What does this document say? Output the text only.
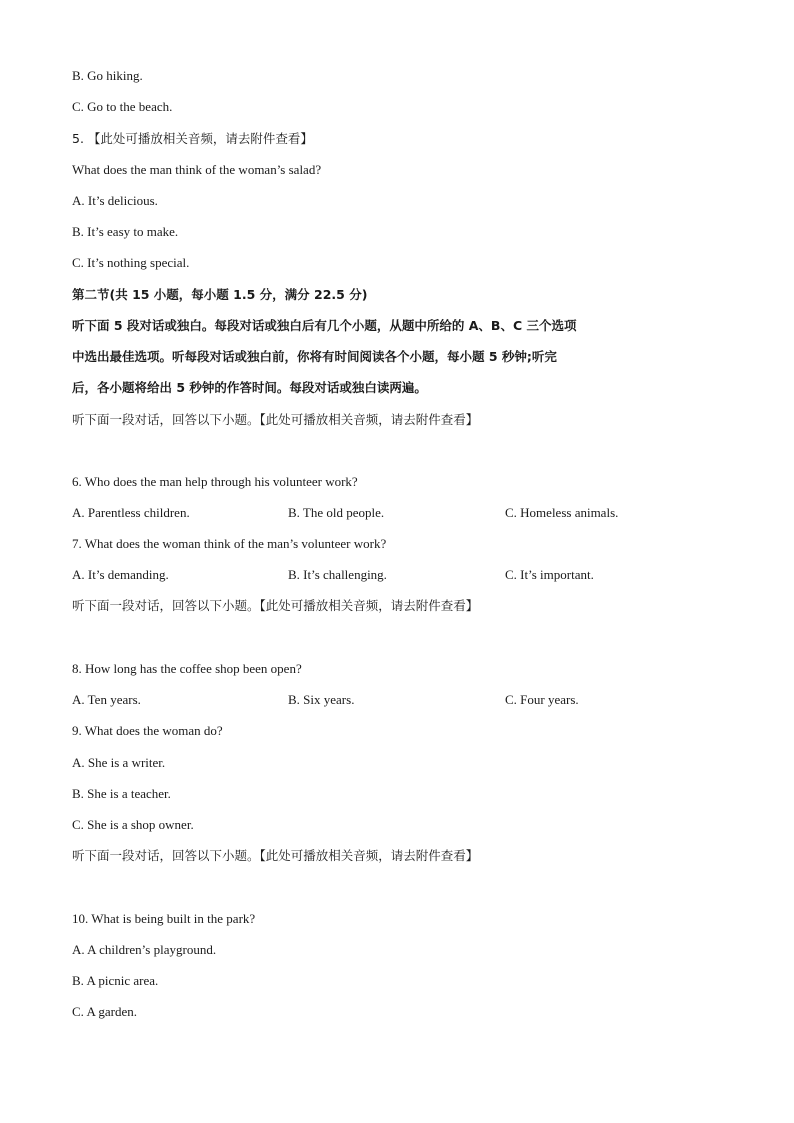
B. Go hiking.
C. Go to the beach.
5. 【此处可播放相关音频，请去附件查看】
What does the man think of the woman’s salad?
A. It’s delicious.
B. It’s easy to make.
C. It’s nothing special.
第二节(共 15 小题，每小题 1.5 分，满分 22.5 分)
听下面 5 段对话或独白。每段对话或独白后有几个小题，从题中所给的 A、B、C 三个选项
中选出最佳选项。听每段对话或独白前，你将有时间阅读各个小题，每小题 5 秒钟;听完
后，各小题将给出 5 秒钟的作答时间。每段对话或独白读两遍。
听下面一段对话，回答以下小题。【此处可播放相关音频，请去附件查看】
6. Who does the man help through his volunteer work?
A. Parentless children.	B. The old people.	C. Homeless animals.
7. What does the woman think of the man’s volunteer work?
A. It’s demanding.	B. It’s challenging.	C. It’s important.
听下面一段对话，回答以下小题。【此处可播放相关音频，请去附件查看】
8. How long has the coffee shop been open?
A. Ten years.	B. Six years.	C. Four years.
9. What does the woman do?
A. She is a writer.
B. She is a teacher.
C. She is a shop owner.
听下面一段对话，回答以下小题。【此处可播放相关音频，请去附件查看】
10. What is being built in the park?
A. A children’s playground.
B. A picnic area.
C. A garden.
